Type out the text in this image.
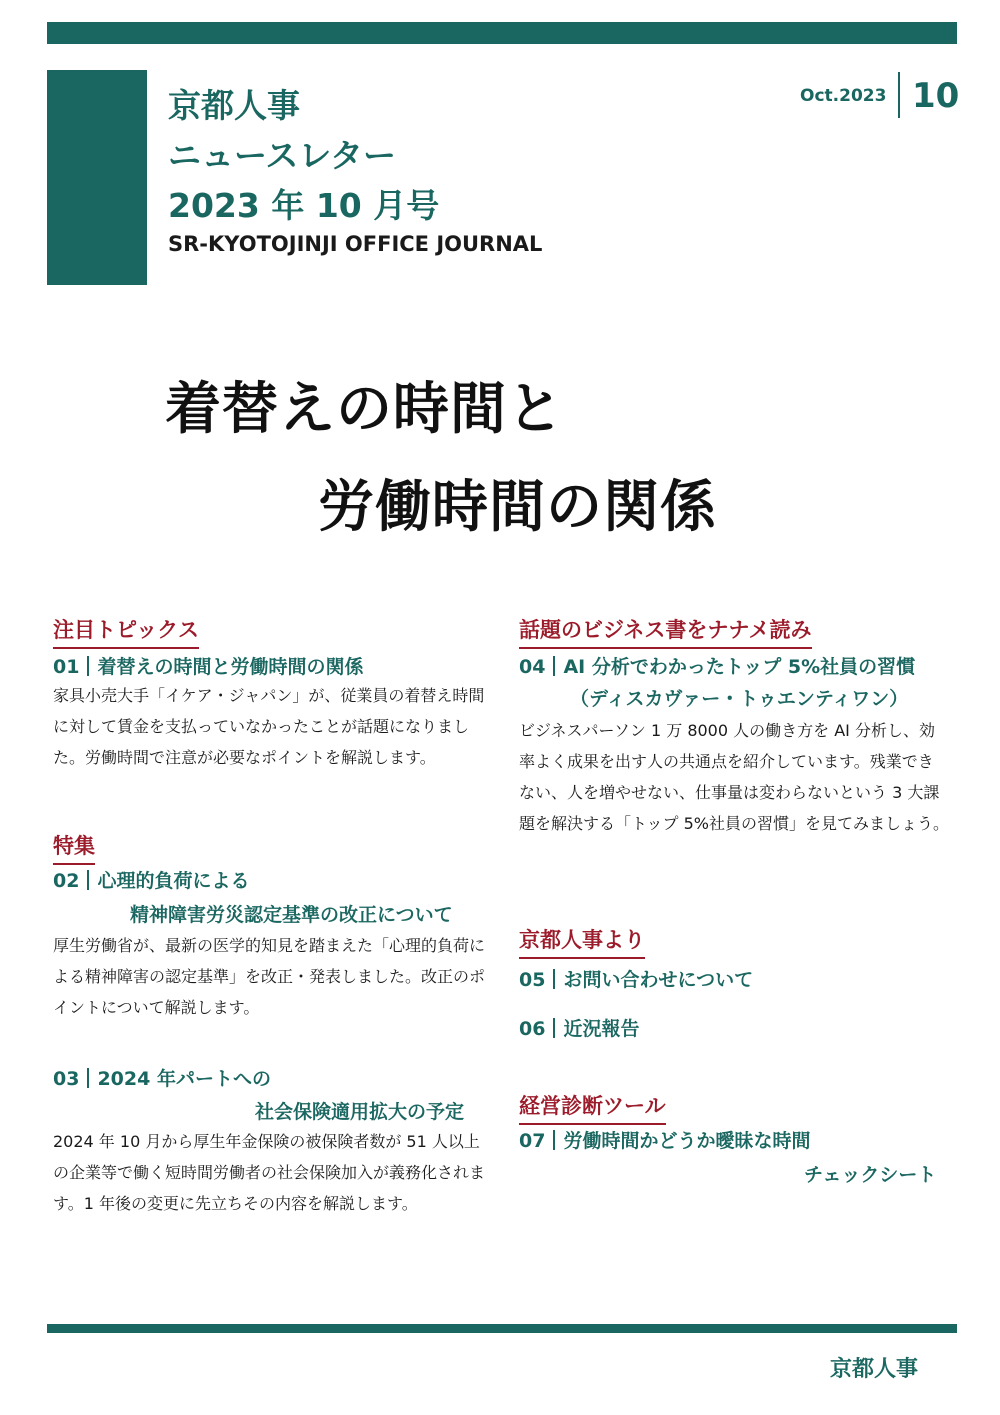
京都人事
ニュースレター
2023 年 10 月号
SR-KYOTOJINJI OFFICE JOURNAL
Oct.2023 10
着替えの時間と
労働時間の関係
注目トピックス
01 着替えの時間と労働時間の関係
家具小売大手「イケア・ジャパン」が、従業員の着替え時間に対して賃金を支払っていなかったことが話題になりました。労働時間で注意が必要なポイントを解説します。
特集
02 心理的負荷による
精神障害労災認定基準の改正について
厚生労働省が、最新の医学的知見を踏まえた「心理的負荷による精神障害の認定基準」を改正・発表しました。改正のポイントについて解説します。
03 2024 年パートへの
社会保険適用拡大の予定
2024 年 10 月から厚生年金保険の被保険者数が 51 人以上の企業等で働く短時間労働者の社会保険加入が義務化されます。1 年後の変更に先立ちその内容を解説します。
話題のビジネス書をナナメ読み
04 AI 分析でわかったトップ 5%社員の習慣
（ディスカヴァー・トゥエンティワン）
ビジネスパーソン 1 万 8000 人の働き方を AI 分析し、効率よく成果を出す人の共通点を紹介しています。残業できない、人を増やせない、仕事量は変わらないという 3 大課題を解決する「トップ 5%社員の習慣」を見てみましょう。
京都人事より
05 お問い合わせについて
06 近況報告
経営診断ツール
07 労働時間かどうか曖昧な時間
チェックシート
京都人事
